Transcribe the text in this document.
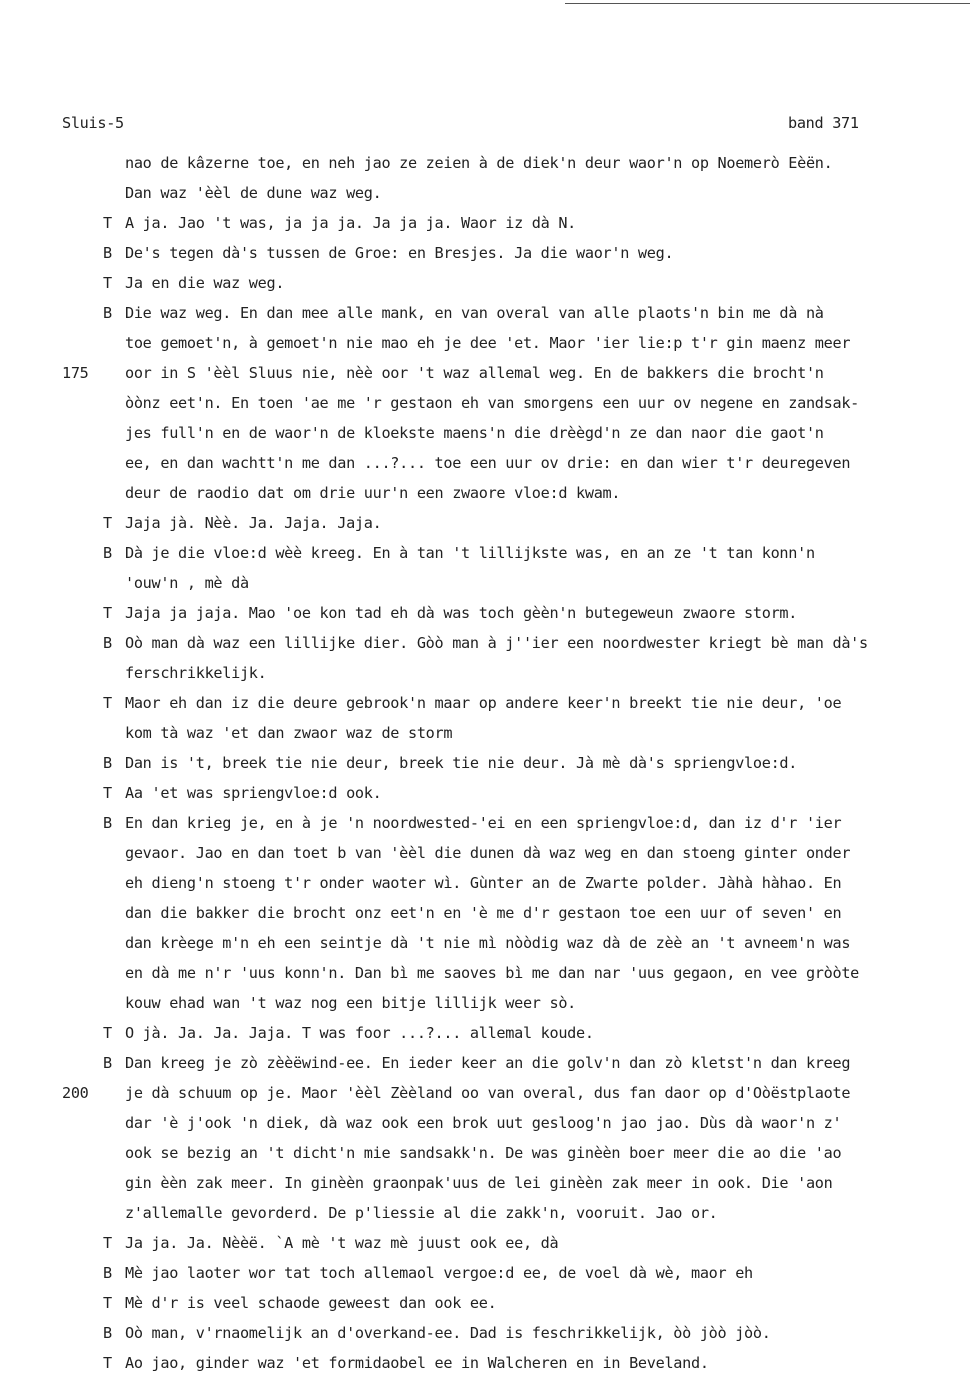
Sluis-5	band 371
175
200
nao de kâzerne toe, en neh jao ze zeien à de diek'n deur waor'n op Noemerò Eèën.
Dan waz 'èèl de dune waz weg.
T A ja. Jao 't was, ja ja ja. Ja ja ja. Waor iz dà N.
B De's tegen dà's tussen de Groe: en Bresjes. Ja die waor'n weg.
T Ja en die waz weg.
B Die waz weg. En dan mee alle mank, en van overal van alle plaots'n bin me dà nà
toe gemoet'n, à gemoet'n nie mao eh je dee 'et. Maor 'ier lie:p t'r gin maenz meer
oor in S 'èèl Sluus nie, nèè oor 't waz allemal weg. En de bakkers die brocht'n
òònz eet'n. En toen 'ae me 'r gestaon eh van smorgens een uur ov negene en zandsak-
jes full'n en de waor'n de kloekste maens'n die drèègd'n ze dan naor die gaot'n
ee, en dan wachtt'n me dan ...?... toe een uur ov drie: en dan wier t'r deuregeven
deur de raodio dat om drie uur'n een zwaore vloe:d kwam.
T Jaja jà. Nèè. Ja. Jaja. Jaja.
B Dà je die vloe:d wèè kreeg. En à tan 't lillijkste was, en an ze 't tan konn'n
'ouw'n , mè dà
T Jaja ja jaja. Mao 'oe kon tad eh dà was toch gèèn'n butegeweun zwaore storm.
B Oò man dà waz een lillijke dier. Gòò man à j''ier een noordwester kriegt bè man dà's
ferschrikkelijk.
T Maor eh dan iz die deure gebrook'n maar op andere keer'n breekt tie nie deur, 'oe
kom tà waz 'et dan zwaor waz de storm
B Dan is 't, breek tie nie deur, breek tie nie deur. Jà mè dà's spriengvloe:d.
T Aa 'et was spriengvloe:d ook.
B En dan krieg je, en à je 'n noordwested-'ei en een spriengvloe:d, dan iz d'r 'ier
gevaor. Jao en dan toet b van 'èèl die dunen dà waz weg en dan stoeng ginter onder
eh dieng'n stoeng t'r onder waoter wì. Gùnter an de Zwarte polder. Jàhà hàhao. En
dan die bakker die brocht onz eet'n en 'è me d'r gestaon toe een uur of seven' en
dan krèege m'n eh een seintje dà 't nie mì nòòdig waz dà de zèè an 't avneem'n was
en dà me n'r 'uus konn'n. Dan bì me saoves bì me dan nar 'uus gegaon, en vee gròòte
kouw ehad wan 't waz nog een bitje lillijk weer sò.
T O jà. Ja. Ja. Jaja. T was foor ...?... allemal koude.
B Dan kreeg je zò zèèëwind-ee. En ieder keer an die golv'n dan zò kletst'n dan kreeg
je dà schuum op je. Maor 'èèl Zèèland oo van overal, dus fan daor op d'Oòëstplaote
dar 'è j'ook 'n diek, dà waz ook een brok uut gesloog'n jao jao. Dùs dà waor'n z'
ook se bezig an 't dicht'n mie sandsakk'n. De was ginèèn boer meer die ao die 'ao
gin èèn zak meer. In ginèèn graonpak'uus de lei ginèèn zak meer in ook. Die 'aon
z'allemalle gevorderd. De p'liessie al die zakk'n, vooruit. Jao or.
T Ja ja. Ja. Nèèë. `A mè 't waz mè juust ook ee, dà
B Mè jao laoter wor tat toch allemaol vergoe:d ee, de voel dà wè, maor eh
T Mè d'r is veel schaode geweest dan ook ee.
B Oò man, v'rnaomelijk an d'overkand-ee. Dad is feschrikkelijk, òò jòò jòò.
T Ao jao, ginder waz 'et formidaobel ee in Walcheren en in Beveland.
